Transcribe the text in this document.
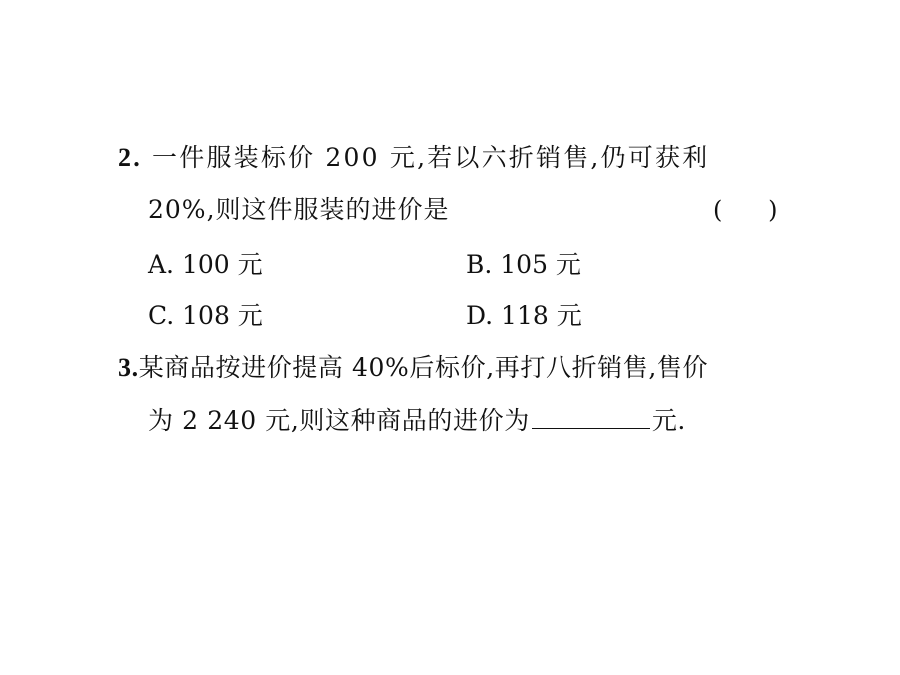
2. 一件服装标价 200 元,若以六折销售,仍可获利
20%,则这件服装的进价是	(      )
A. 100 元	B. 105 元
C. 108 元	D. 118 元
3.某商品按进价提高 40%后标价,再打八折销售,售价
为 2 240 元,则这种商品的进价为	元.
